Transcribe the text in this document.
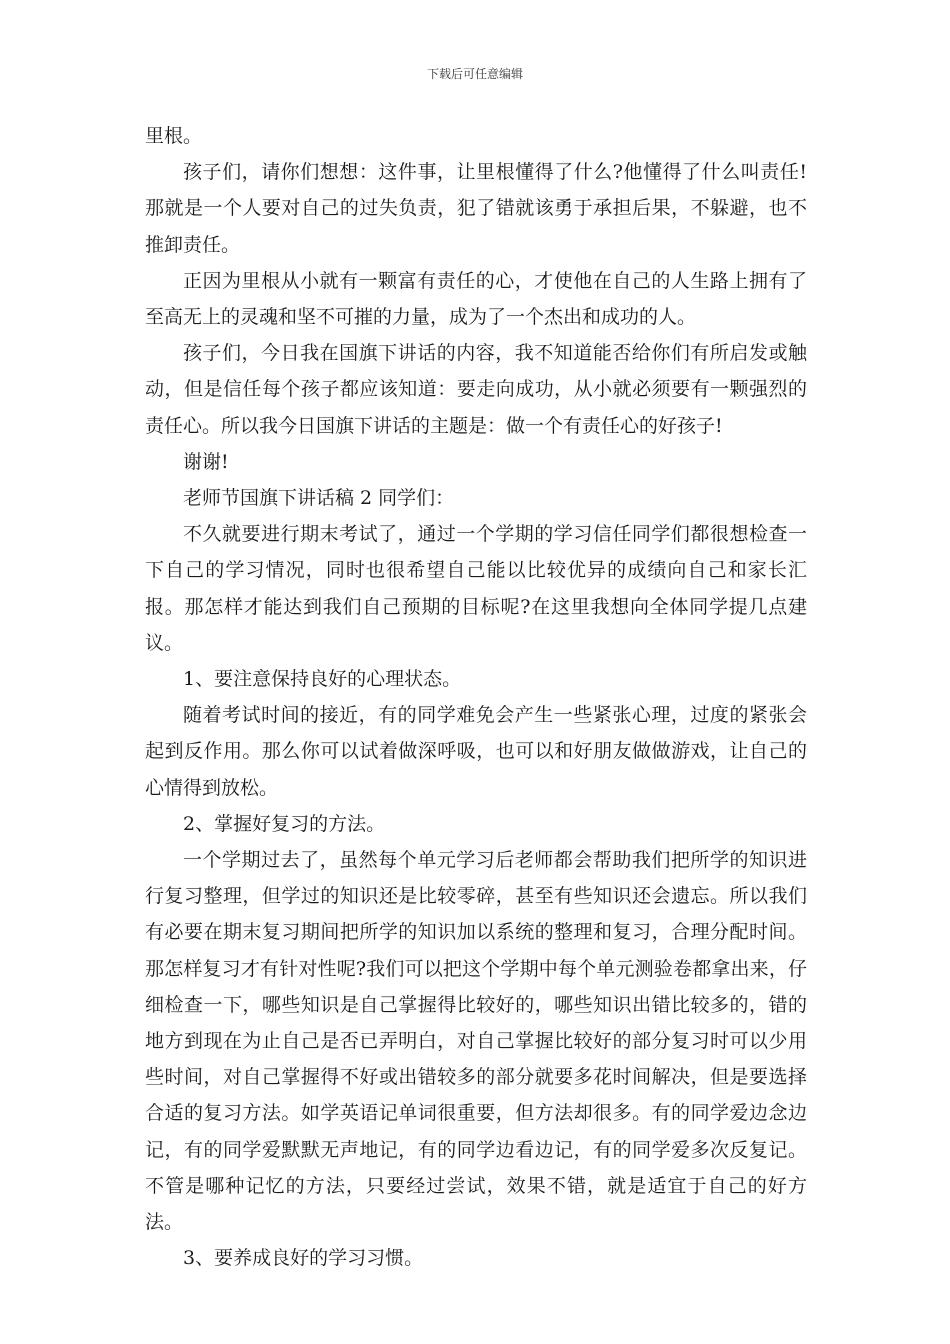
下载后可任意编辑

里根。

孩子们，请你们想想：这件事，让里根懂得了什么?他懂得了什么叫责任!那就是一个人要对自己的过失负责，犯了错就该勇于承担后果，不躲避，也不推卸责任。

正因为里根从小就有一颗富有责任的心，才使他在自己的人生路上拥有了至高无上的灵魂和坚不可摧的力量，成为了一个杰出和成功的人。

孩子们，今日我在国旗下讲话的内容，我不知道能否给你们有所启发或触动，但是信任每个孩子都应该知道：要走向成功，从小就必须要有一颗强烈的责任心。所以我今日国旗下讲话的主题是：做一个有责任心的好孩子!

谢谢!

老师节国旗下讲话稿 2 同学们：

不久就要进行期末考试了，通过一个学期的学习信任同学们都很想检查一下自己的学习情况，同时也很希望自己能以比较优异的成绩向自己和家长汇报。那怎样才能达到我们自己预期的目标呢?在这里我想向全体同学提几点建议。

1、要注意保持良好的心理状态。

随着考试时间的接近，有的同学难免会产生一些紧张心理，过度的紧张会起到反作用。那么你可以试着做深呼吸，也可以和好朋友做做游戏，让自己的心情得到放松。

2、掌握好复习的方法。

一个学期过去了，虽然每个单元学习后老师都会帮助我们把所学的知识进行复习整理，但学过的知识还是比较零碎，甚至有些知识还会遗忘。所以我们有必要在期末复习期间把所学的知识加以系统的整理和复习，合理分配时间。那怎样复习才有针对性呢?我们可以把这个学期中每个单元测验卷都拿出来，仔细检查一下，哪些知识是自己掌握得比较好的，哪些知识出错比较多的，错的地方到现在为止自己是否已弄明白，对自己掌握比较好的部分复习时可以少用些时间，对自己掌握得不好或出错较多的部分就要多花时间解决，但是要选择合适的复习方法。如学英语记单词很重要，但方法却很多。有的同学爱边念边记，有的同学爱默默无声地记，有的同学边看边记，有的同学爱多次反复记。不管是哪种记忆的方法，只要经过尝试，效果不错，就是适宜于自己的好方法。

3、要养成良好的学习习惯。
